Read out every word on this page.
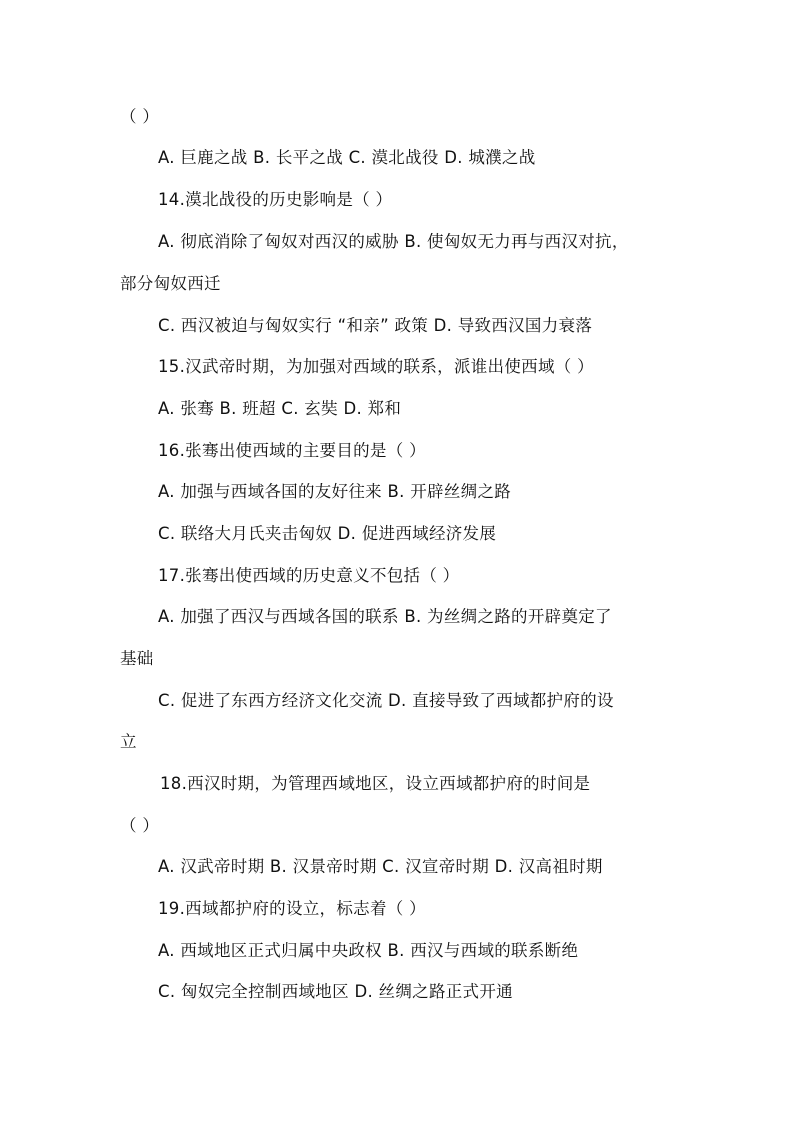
（ ）
A. 巨鹿之战 B. 长平之战 C. 漠北战役 D. 城濮之战
14.漠北战役的历史影响是（ ）
A. 彻底消除了匈奴对西汉的威胁 B. 使匈奴无力再与西汉对抗，
部分匈奴西迁
C. 西汉被迫与匈奴实行 “和亲” 政策 D. 导致西汉国力衰落
15.汉武帝时期，为加强对西域的联系，派谁出使西域（ ）
A. 张骞 B. 班超 C. 玄奘 D. 郑和
16.张骞出使西域的主要目的是（ ）
A. 加强与西域各国的友好往来 B. 开辟丝绸之路
C. 联络大月氏夹击匈奴 D. 促进西域经济发展
17.张骞出使西域的历史意义不包括（ ）
A. 加强了西汉与西域各国的联系 B. 为丝绸之路的开辟奠定了
基础
C. 促进了东西方经济文化交流 D. 直接导致了西域都护府的设
立
18.西汉时期，为管理西域地区，设立西域都护府的时间是
（ ）
A. 汉武帝时期 B. 汉景帝时期 C. 汉宣帝时期 D. 汉高祖时期
19.西域都护府的设立，标志着（ ）
A. 西域地区正式归属中央政权 B. 西汉与西域的联系断绝
C. 匈奴完全控制西域地区 D. 丝绸之路正式开通
